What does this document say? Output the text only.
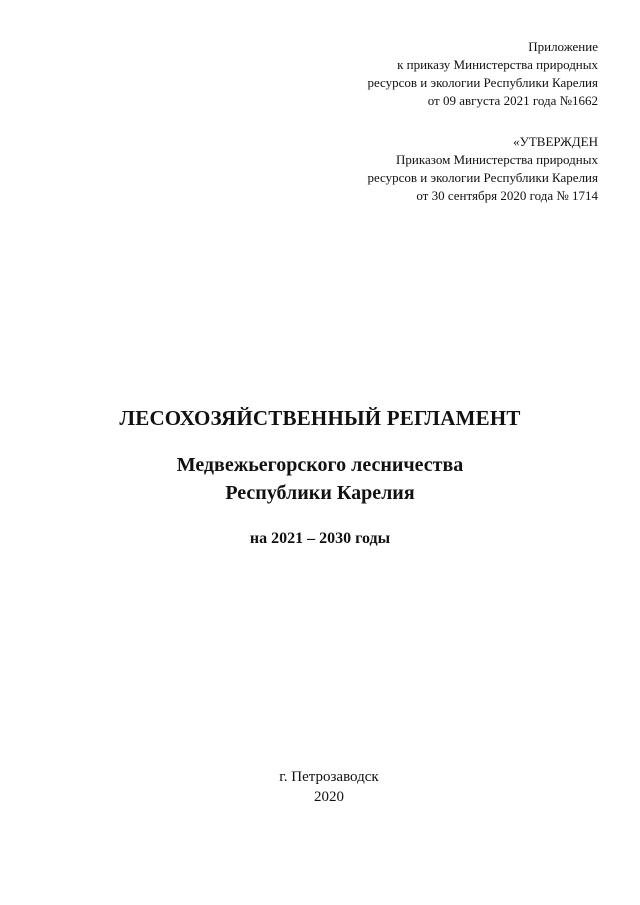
Приложение
к приказу Министерства природных
ресурсов и экологии Республики Карелия
от 09 августа 2021 года №1662
«УТВЕРЖДЕН
Приказом Министерства природных
ресурсов и экологии Республики Карелия
от 30 сентября 2020 года № 1714
ЛЕСОХОЗЯЙСТВЕННЫЙ РЕГЛАМЕНТ
Медвежьегорского лесничества
Республики Карелия
на 2021 – 2030 годы
г. Петрозаводск
2020
